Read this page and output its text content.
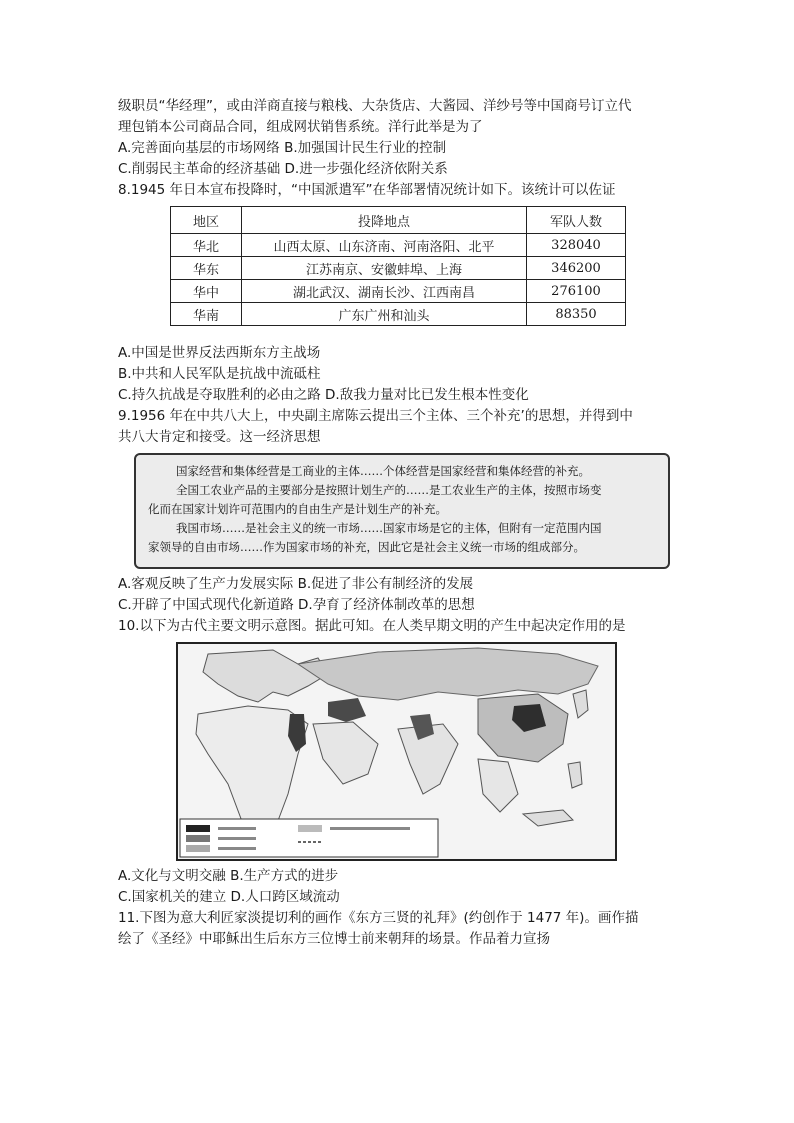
级职员“华经理”，或由洋商直接与粮栈、大杂货店、大酱园、洋纱号等中国商号订立代
理包销本公司商品合同，组成网状销售系统。洋行此举是为了
A.完善面向基层的市场网络 B.加强国计民生行业的控制
C.削弱民主革命的经济基础 D.进一步强化经济依附关系
8.1945 年日本宣布投降时，“中国派遣军”在华部署情况统计如下。该统计可以佐证
地区	投降地点	军队人数
华北	山西太原、山东济南、河南洛阳、北平	328040
华东	江苏南京、安徽蚌埠、上海	346200
华中	湖北武汉、湖南长沙、江西南昌	276100
华南	广东广州和汕头	88350
A.中国是世界反法西斯东方主战场
B.中共和人民军队是抗战中流砥柱
C.持久抗战是夺取胜利的必由之路 D.敌我力量对比已发生根本性变化
9.1956 年在中共八大上，中央副主席陈云提出三个主体、三个补充’的思想，并得到中
共八大肯定和接受。这一经济思想
国家经营和集体经营是工商业的主体……个体经营是国家经营和集体经营的补充。
全国工农业产品的主要部分是按照计划生产的……是工农业生产的主体，按照市场变
化而在国家计划许可范围内的自由生产是计划生产的补充。
我国市场……是社会主义的统一市场……国家市场是它的主体，但附有一定范围内国
家领导的自由市场……作为国家市场的补充，因此它是社会主义统一市场的组成部分。
A.客观反映了生产力发展实际 B.促进了非公有制经济的发展
C.开辟了中国式现代化新道路 D.孕育了经济体制改革的思想
10.以下为古代主要文明示意图。据此可知。在人类早期文明的产生中起决定作用的是
A.文化与文明交融 B.生产方式的进步
C.国家机关的建立 D.人口跨区域流动
11.下图为意大利匠家淡提切利的画作《东方三贤的礼拜》(约创作于 1477 年)。画作描
绘了《圣经》中耶稣出生后东方三位博士前来朝拜的场景。作品着力宣扬
